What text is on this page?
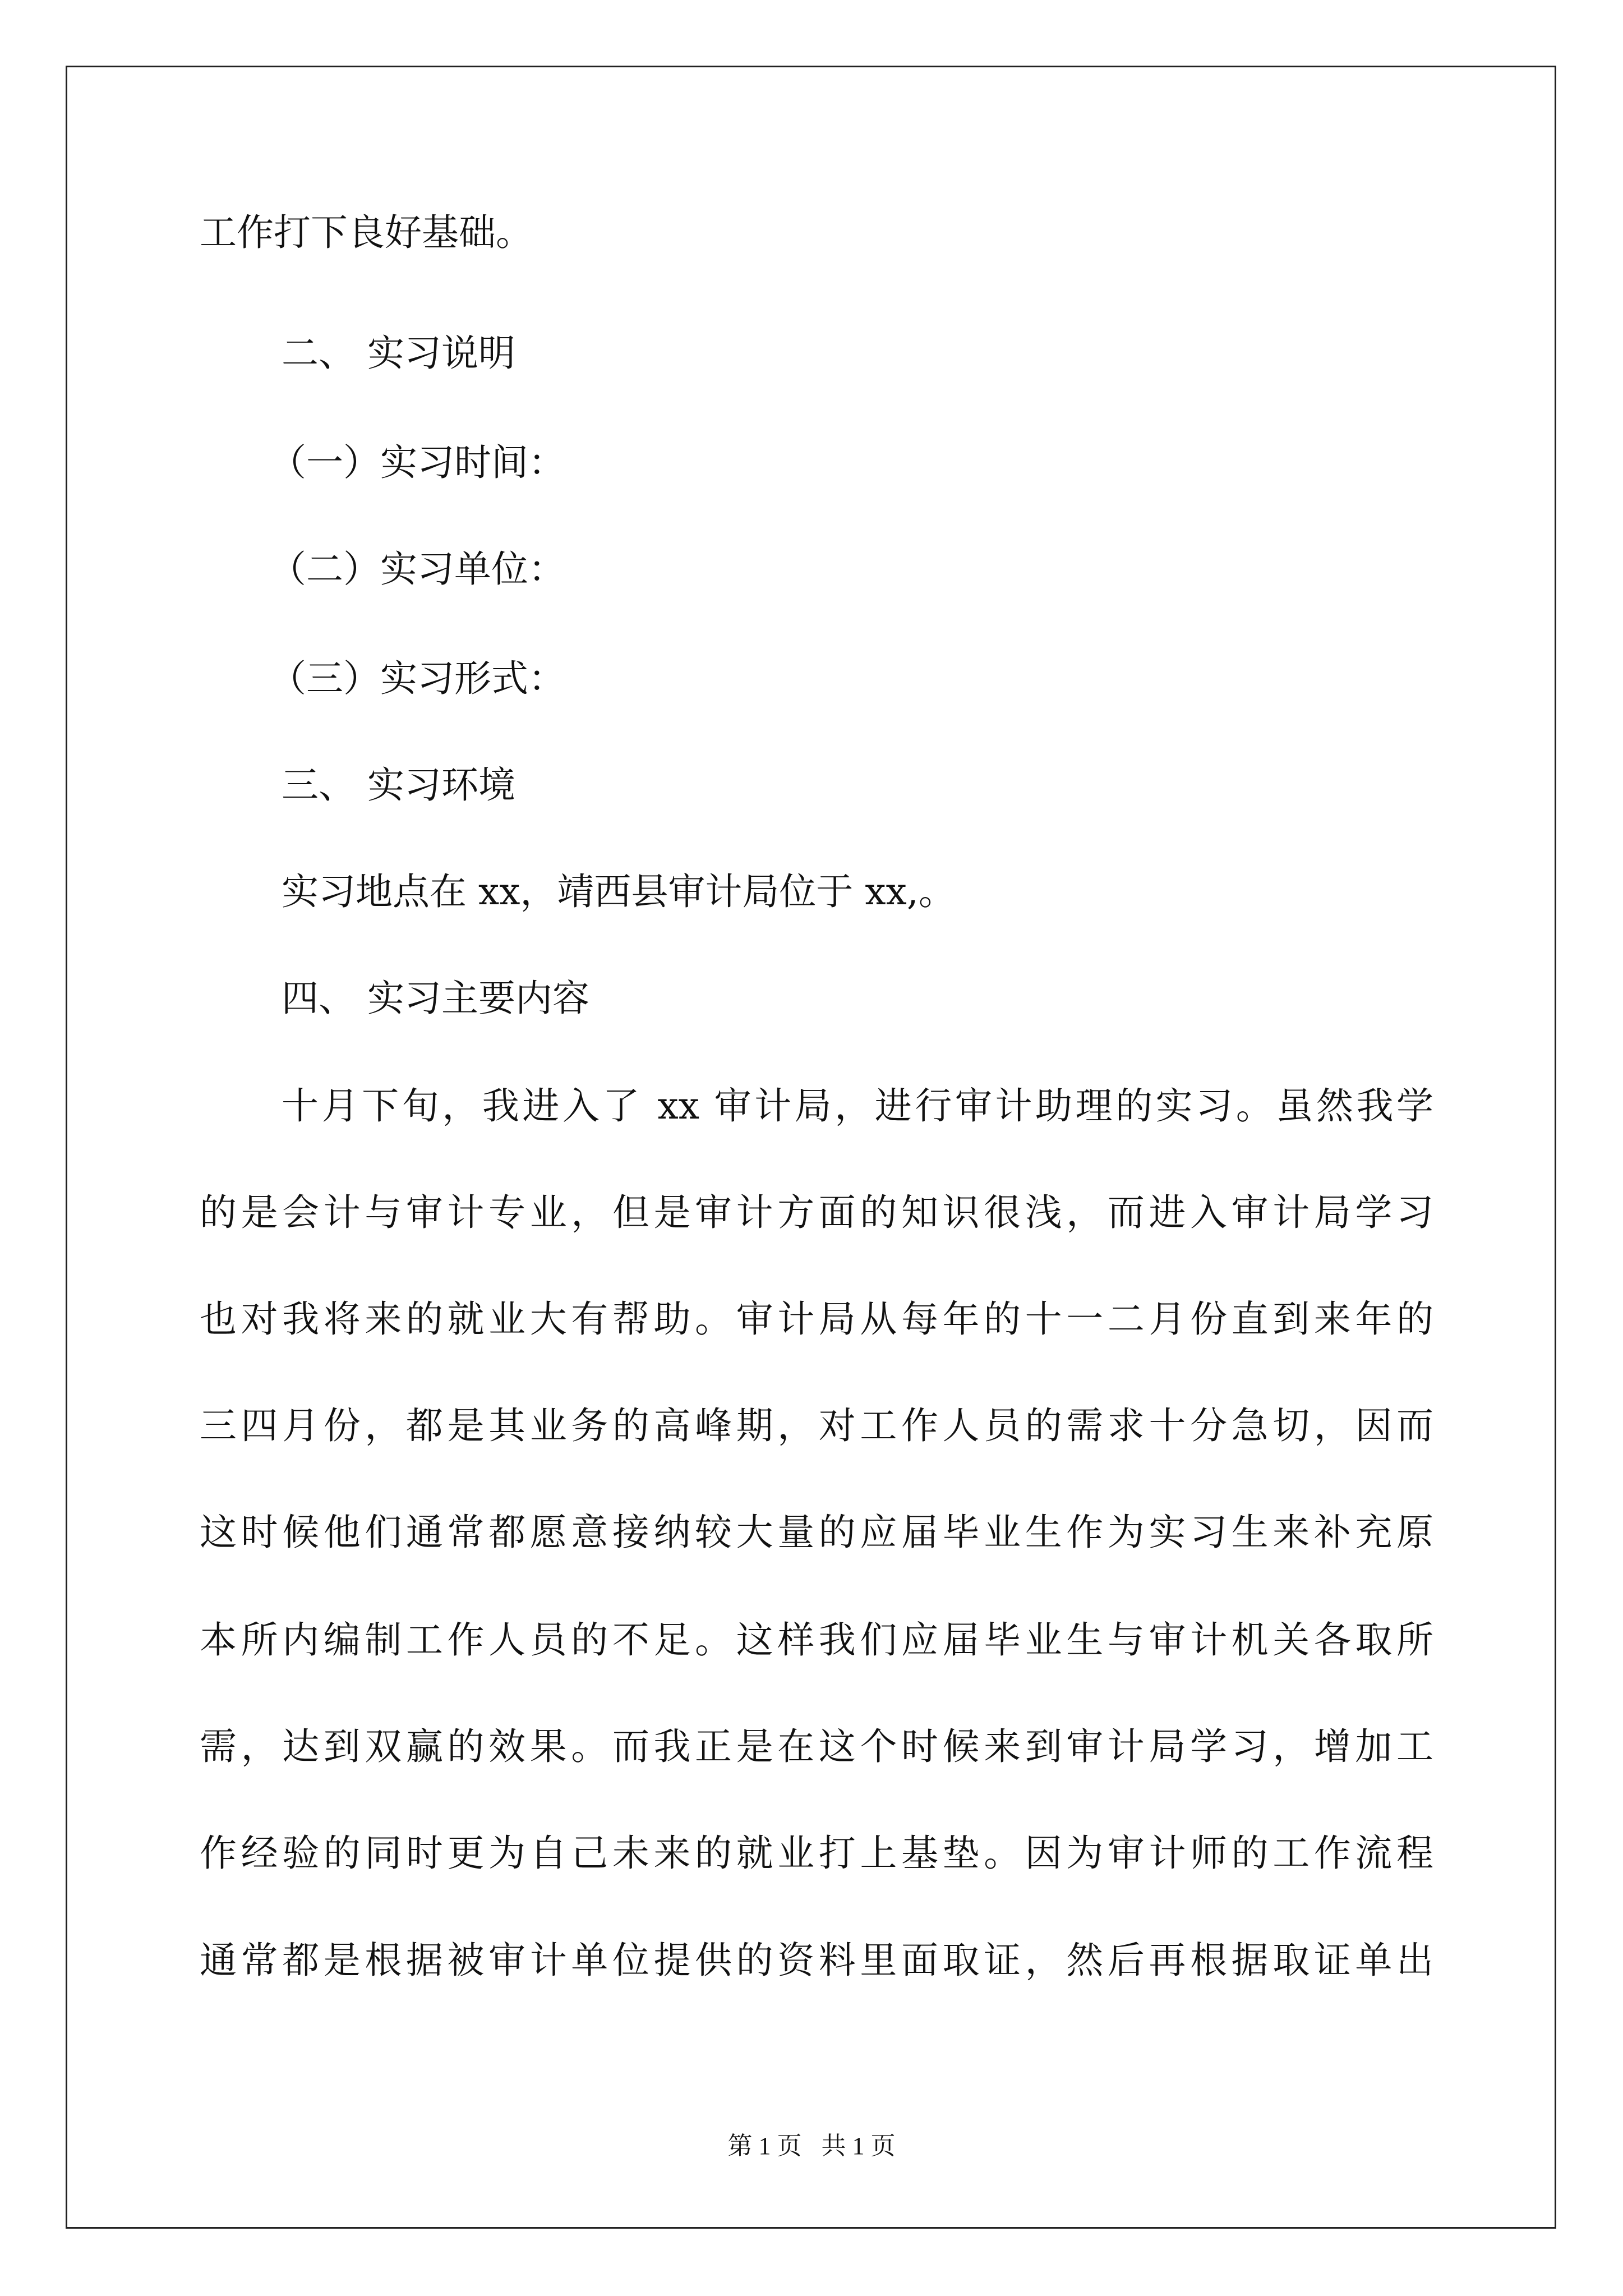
工作打下良好基础。
二、 实习说明
（一）实习时间：
（二）实习单位：
（三）实习形式：
三、 实习环境
实习地点在 xx，靖西县审计局位于 xx,。
四、 实习主要内容
十月下旬，我进入了 xx 审计局，进行审计助理的实习。虽然我学
的是会计与审计专业，但是审计方面的知识很浅，而进入审计局学习
也对我将来的就业大有帮助。审计局从每年的十一二月份直到来年的
三四月份，都是其业务的高峰期，对工作人员的需求十分急切，因而
这时候他们通常都愿意接纳较大量的应届毕业生作为实习生来补充原
本所内编制工作人员的不足。这样我们应届毕业生与审计机关各取所
需，达到双赢的效果。而我正是在这个时候来到审计局学习，增加工
作经验的同时更为自己未来的就业打上基垫。因为审计师的工作流程
通常都是根据被审计单位提供的资料里面取证，然后再根据取证单出
第 1 页 共 1 页
